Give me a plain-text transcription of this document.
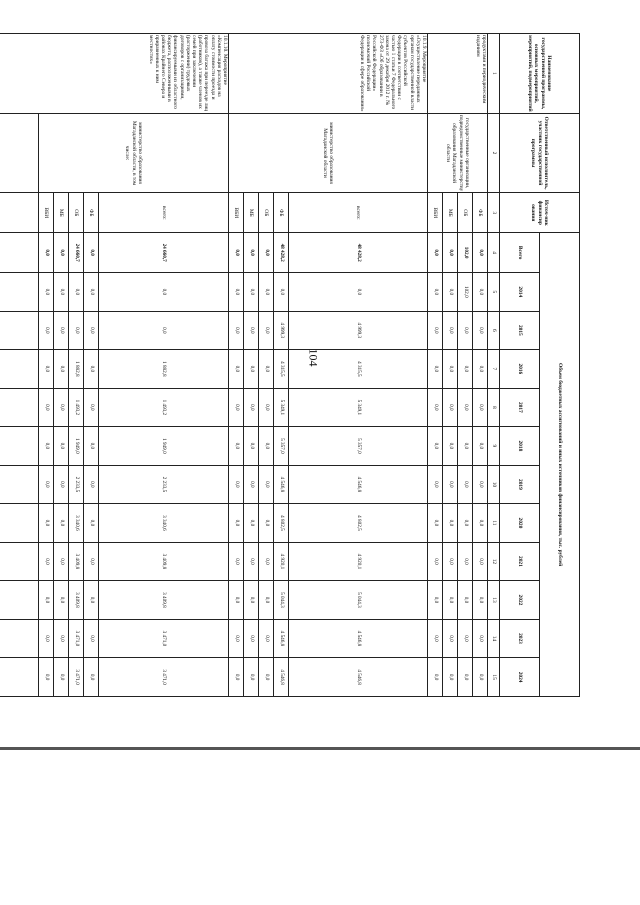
104
Наименование государственной программы, основных мероприятий, мероприятий, подмероприятий	Ответственный исполнитель, участник государственной программы	Источ-ник финансир ования	Объем бюджетных ассигнований и иных источников финансирования, тыс. рублей											
			Всего	2014	2015	2016	2017	2018	2019	2020	2021	2022	2023	2024
1	2	3	4	5	6	7	8	9	10	11	12	13	14	15
продуктами и периодическим изданиям	государственные организации, подведомственные министерству образования Магаданской области	ФБ	0,0	0,0	0,0	0,0	0,0	0,0	0,0	0,0	0,0	0,0	0,0	0,0
		ОБ	102,0	102,0	0,0	0,0	0,0	0,0	0,0	0,0	0,0	0,0	0,0	0,0
		МБ	0,0	0,0	0,0	0,0	0,0	0,0	0,0	0,0	0,0	0,0	0,0	0,0
		ВБИ	0,0	0,0	0,0	0,0	0,0	0,0	0,0	0,0	0,0	0,0	0,0	0,0
10.1.9. Мероприятие «Осуществление переданных органам государственной власти субъектов Российской Федерации в соответствии с частью 1 статьи 7 Федерального закона от 29 декабря 2012 г. № 273-ФЗ «Об образовании в Российской Федерации» полномочий Российской Федерации в сфере образования»	министерство образования Магаданской области	всего:	48 428,2	0,0	4 999,3	4 315,5	5 349,1	5 357,0	4 546,8	4 802,5	4 920,1	5 044,3	4 546,8	4 546,8
		ФБ	48 428,2	0,0	4 999,3	4 315,5	5 349,1	5 357,0	4 546,8	4 802,5	4 920,1	5 044,3	4 546,8	4 546,8
		ОБ	0,0	0,0	0,0	0,0	0,0	0,0	0,0	0,0	0,0	0,0	0,0	0,0
		МБ	0,0	0,0	0,0	0,0	0,0	0,0	0,0	0,0	0,0	0,0	0,0	0,0
		ВБИ	0,0	0,0	0,0	0,0	0,0	0,0	0,0	0,0	0,0	0,0	0,0	0,0
10.1.10. Мероприятие «Компенсация расходов на оплату стоимости проезда и провоза багажа при переезде лиц (работников), а также членов их семей при заключении (расторжении) трудовых договоров с организациями, финансируемыми из областного бюджета, расположенными в районах Крайнего Севера и приравненных к ним местностях»	министерство образования Магаданской области, в том числе:	всего:	24 660,7	0,0	0,0	1 882,8	1 493,2	1 949,0	2 233,5	3 340,6	3 409,8	3 409,8	3 471,0	3 471,0
		ФБ	0,0	0,0	0,0	0,0	0,0	0,0	0,0	0,0	0,0	0,0	0,0	0,0
		ОБ	24 660,7	0,0	0,0	1 882,8	1 493,2	1 949,0	2 233,5	3 340,6	3 409,8	3 409,8	3 471,0	3 471,0
		МБ	0,0	0,0	0,0	0,0	0,0	0,0	0,0	0,0	0,0	0,0	0,0	0,0
		ВБИ	0,0	0,0	0,0	0,0	0,0	0,0	0,0	0,0	0,0	0,0	0,0	0,0
